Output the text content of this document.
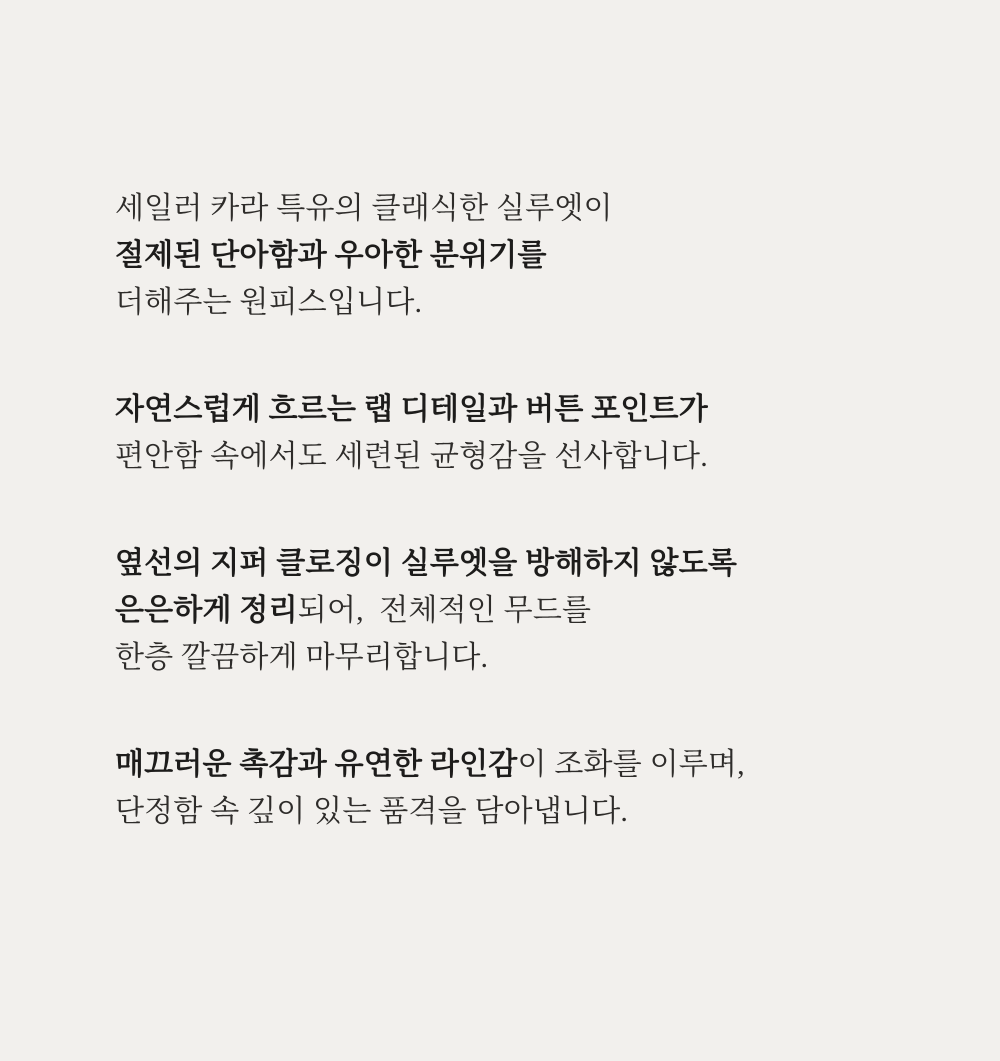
세일러 카라 특유의 클래식한 실루엣이
절제된 단아함과 우아한 분위기를
더해주는 원피스입니다.
자연스럽게 흐르는 랩 디테일과 버튼 포인트가
편안함 속에서도 세련된 균형감을 선사합니다.
옆선의 지퍼 클로징이 실루엣을 방해하지 않도록
은은하게 정리되어,  전체적인 무드를
한층 깔끔하게 마무리합니다.
매끄러운 촉감과 유연한 라인감이 조화를 이루며,
단정함 속 깊이 있는 품격을 담아냅니다.
